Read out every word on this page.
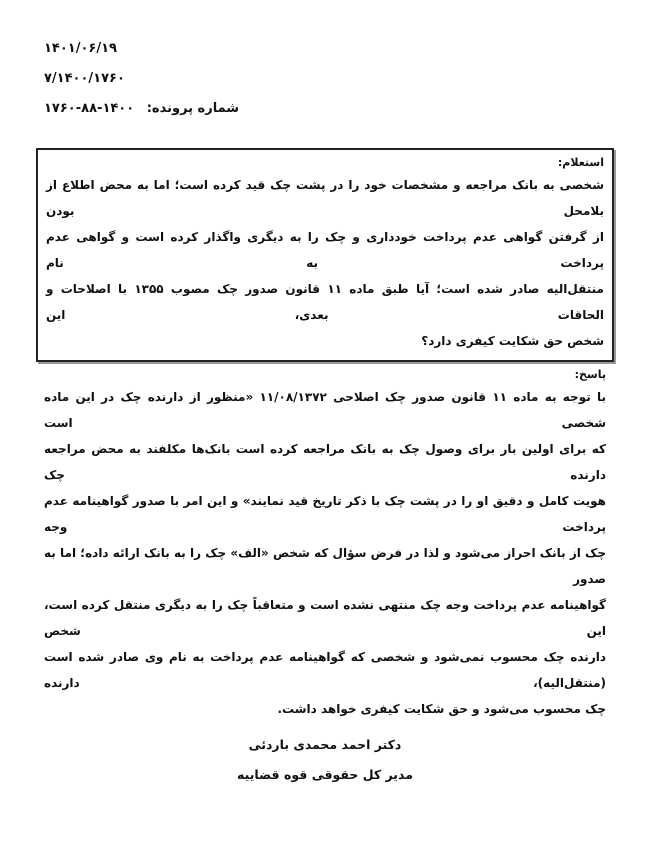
۱۴۰۱/۰۶/۱۹
۷/۱۴۰۰/۱۷۶۰
شماره پرونده: ۱۴۰۰-۸۸-۱۷۶۰
استعلام:
شخصی به بانک مراجعه و مشخصات خود را در پشت چک قید کرده است؛ اما به محض اطلاع از بلامحل بودن
از گرفتن گواهی عدم پرداخت خودداری و چک را به دیگری واگذار کرده است و گواهی عدم پرداخت به نام
منتقل‌الیه صادر شده است؛ آیا طبق ماده ۱۱ قانون صدور چک مصوب ۱۳۵۵ با اصلاحات و الحاقات بعدی، این
شخص حق شکایت کیفری دارد؟
پاسخ:
با توجه به ماده ۱۱ قانون صدور چک اصلاحی ۱۱/۰۸/۱۳۷۲ «منظور از دارنده چک در این ماده شخصی است
که برای اولین بار برای وصول چک به بانک مراجعه کرده است بانک‌ها مکلفند به محض مراجعه دارنده چک
هویت کامل و دقیق او را در پشت چک با ذکر تاریخ قید نمایند» و این امر با صدور گواهینامه عدم پرداخت وجه
چک از بانک احراز می‌شود و لذا در فرض سؤال که شخص «الف» چک را به بانک ارائه داده؛ اما به صدور
گواهینامه عدم پرداخت وجه چک منتهی نشده است و متعاقباً چک را به دیگری منتقل کرده است، این شخص
دارنده چک محسوب نمی‌شود و شخصی که گواهینامه عدم پرداخت به نام وی صادر شده است (منتقل‌الیه)، دارنده
چک محسوب می‌شود و حق شکایت کیفری خواهد داشت.
دکتر احمد محمدی باردئی
مدیر کل حقوقی قوه قضاییه
